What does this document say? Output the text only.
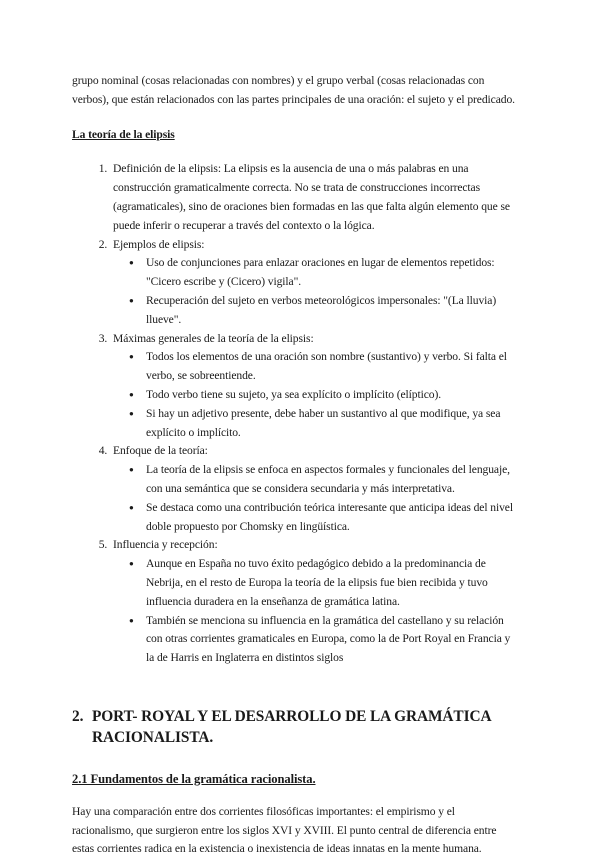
grupo nominal (cosas relacionadas con nombres) y el grupo verbal (cosas relacionadas con verbos), que están relacionados con las partes principales de una oración: el sujeto y el predicado.

La teoría de la elipsis

1. Definición de la elipsis: La elipsis es la ausencia de una o más palabras en una construcción gramaticalmente correcta. No se trata de construcciones incorrectas (agramaticales), sino de oraciones bien formadas en las que falta algún elemento que se puede inferir o recuperar a través del contexto o la lógica.
2. Ejemplos de elipsis:
● Uso de conjunciones para enlazar oraciones en lugar de elementos repetidos: "Cicero escribe y (Cicero) vigila".
● Recuperación del sujeto en verbos meteorológicos impersonales: "(La lluvia) llueve".
3. Máximas generales de la teoría de la elipsis:
● Todos los elementos de una oración son nombre (sustantivo) y verbo. Si falta el verbo, se sobreentiende.
● Todo verbo tiene su sujeto, ya sea explícito o implícito (elíptico).
● Si hay un adjetivo presente, debe haber un sustantivo al que modifique, ya sea explícito o implícito.
4. Enfoque de la teoría:
● La teoría de la elipsis se enfoca en aspectos formales y funcionales del lenguaje, con una semántica que se considera secundaria y más interpretativa.
● Se destaca como una contribución teórica interesante que anticipa ideas del nivel doble propuesto por Chomsky en lingüística.
5. Influencia y recepción:
● Aunque en España no tuvo éxito pedagógico debido a la predominancia de Nebrija, en el resto de Europa la teoría de la elipsis fue bien recibida y tuvo influencia duradera en la enseñanza de gramática latina.
● También se menciona su influencia en la gramática del castellano y su relación con otras corrientes gramaticales en Europa, como la de Port Royal en Francia y la de Harris en Inglaterra en distintos siglos
2. PORT- ROYAL Y EL DESARROLLO DE LA GRAMÁTICA RACIONALISTA.

2.1 Fundamentos de la gramática racionalista.

Hay una comparación entre dos corrientes filosóficas importantes: el empirismo y el racionalismo, que surgieron entre los siglos XVI y XVIII. El punto central de diferencia entre estas corrientes radica en la existencia o inexistencia de ideas innatas en la mente humana.
